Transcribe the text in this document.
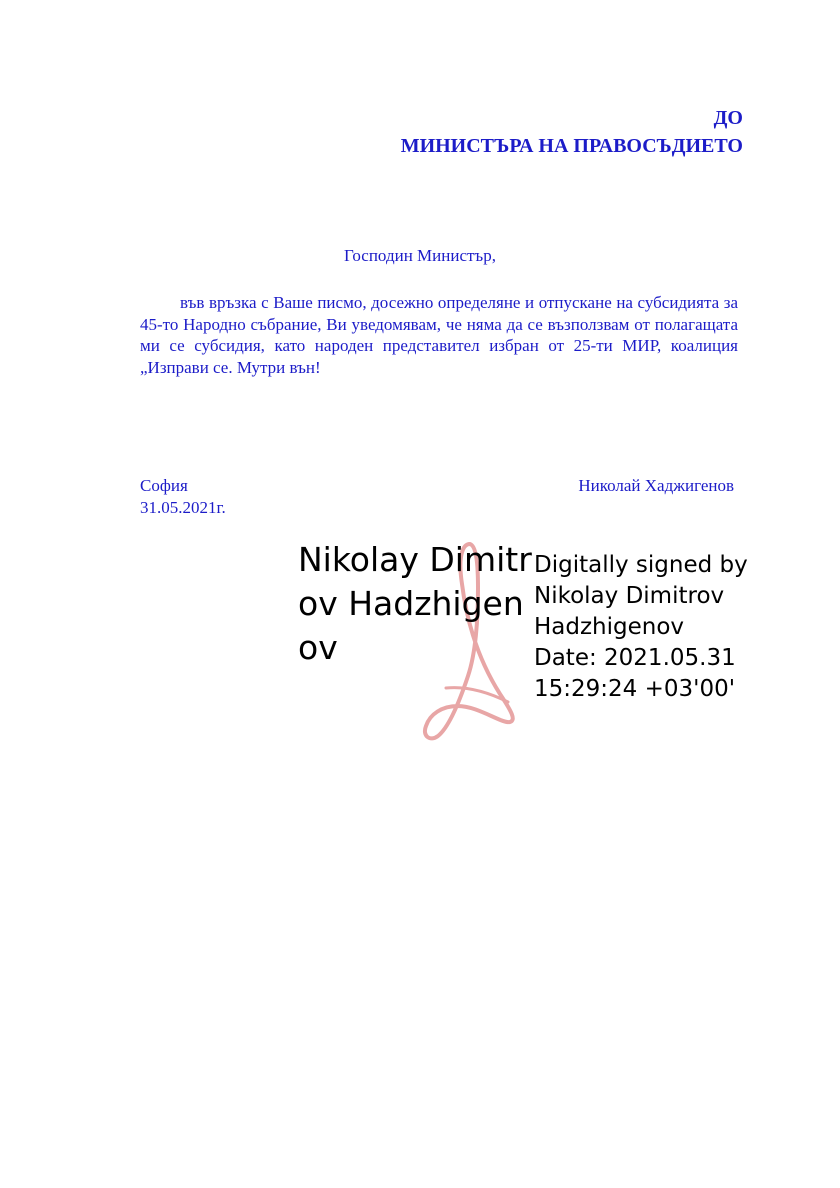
ДО
МИНИСТЪРА НА ПРАВОСЪДИЕТО
Господин Министър,

във връзка с Ваше писмо, досежно определяне и отпускане на субсидията за 45-то Народно събрание, Ви уведомявам, че няма да се възползвам от полагащата ми се субсидия, като народен представител избран от 25-ти МИР, коалиция „Изправи се. Мутри вън!

София
31.05.2021г.
Николай Хаджигенов
Nikolay Dimitrov Hadzhigenov
Digitally signed by
Nikolay Dimitrov
Hadzhigenov
Date: 2021.05.31
15:29:24 +03'00'
